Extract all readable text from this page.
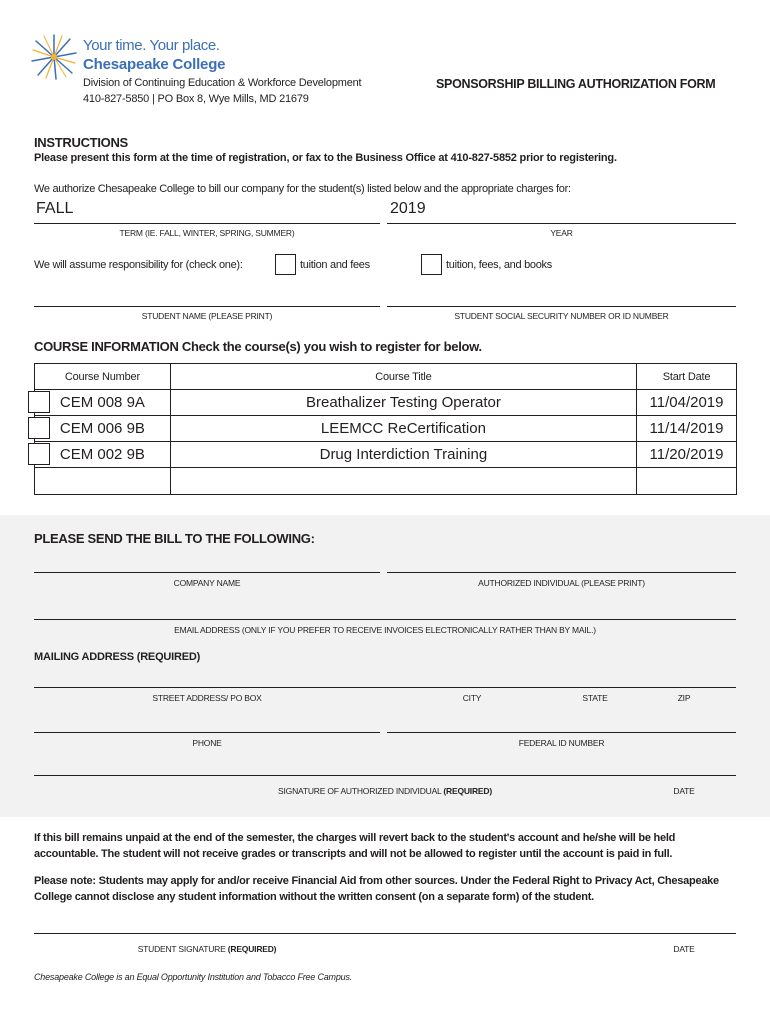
Your time. Your place.
Chesapeake College
Division of Continuing Education & Workforce Development
410-827-5850 | PO Box 8, Wye Mills, MD 21679
SPONSORSHIP BILLING AUTHORIZATION FORM
INSTRUCTIONS
Please present this form at the time of registration, or fax to the Business Office at 410-827-5852 prior to registering.
We authorize Chesapeake College to bill our company for the student(s) listed below and the appropriate charges for:
FALL	2019
TERM (IE. FALL, WINTER, SPRING, SUMMER)	YEAR
We will assume responsibility for (check one):	tuition and fees	tuition, fees, and books
STUDENT NAME (PLEASE PRINT)	STUDENT SOCIAL SECURITY NUMBER OR ID NUMBER
COURSE INFORMATION Check the course(s) you wish to register for below.
Course Number	Course Title	Start Date
CEM 008 9A	Breathalizer Testing Operator	11/04/2019
CEM 006 9B	LEEMCC ReCertification	11/14/2019
CEM 002 9B	Drug Interdiction Training	11/20/2019

PLEASE SEND THE BILL TO THE FOLLOWING:
COMPANY NAME	AUTHORIZED INDIVIDUAL (PLEASE PRINT)
EMAIL ADDRESS (ONLY IF YOU PREFER TO RECEIVE INVOICES ELECTRONICALLY RATHER THAN BY MAIL.)
MAILING ADDRESS (REQUIRED)
STREET ADDRESS/ PO BOX	CITY	STATE	ZIP
PHONE	FEDERAL ID NUMBER
SIGNATURE OF AUTHORIZED INDIVIDUAL (REQUIRED)	DATE
If this bill remains unpaid at the end of the semester, the charges will revert back to the student's account and he/she will be held accountable. The student will not receive grades or transcripts and will not be allowed to register until the account is paid in full.
Please note: Students may apply for and/or receive Financial Aid from other sources. Under the Federal Right to Privacy Act, Chesapeake College cannot disclose any student information without the written consent (on a separate form) of the student.
STUDENT SIGNATURE (REQUIRED)	DATE
Chesapeake College is an Equal Opportunity Institution and Tobacco Free Campus.
